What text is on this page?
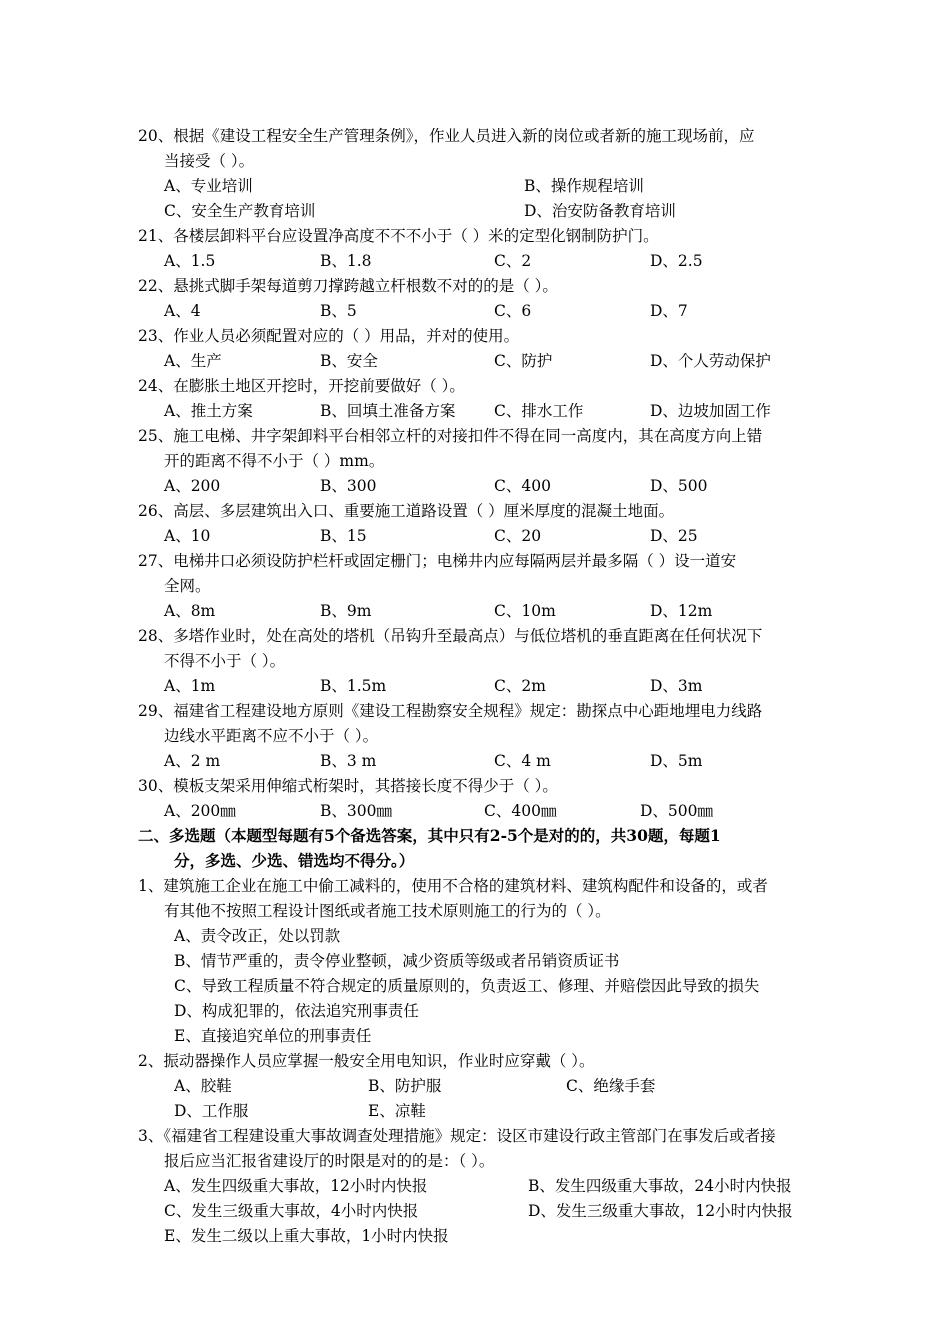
20、根据《建设工程安全生产管理条例》，作业人员进入新的岗位或者新的施工现场前，应
当接受（ ）。
A、专业培训	B、操作规程培训
C、安全生产教育培训	D、治安防备教育培训
21、各楼层卸料平台应设置净高度不不不小于（ ）米的定型化钢制防护门。
A、1.5	B、1.8	C、2	D、2.5
22、悬挑式脚手架每道剪刀撑跨越立杆根数不对的的是（ ）。
A、4	B、5	C、6	D、7
23、作业人员必须配置对应的（ ）用品，并对的使用。
A、生产	B、安全	C、防护	D、个人劳动保护
24、在膨胀土地区开挖时，开挖前要做好（ ）。
A、推土方案	B、回填土准备方案 C、排水工作	D、边坡加固工作
25、施工电梯、井字架卸料平台相邻立杆的对接扣件不得在同一高度内，其在高度方向上错
开的距离不得不小于（ ）mm。
A、200	B、300	C、400	D、500
26、高层、多层建筑出入口、重要施工道路设置（ ）厘米厚度的混凝土地面。
A、10	B、15	C、20	D、25
27、电梯井口必须设防护栏杆或固定栅门；电梯井内应每隔两层并最多隔（ ）设一道安
全网。
A、8m	B、9m	C、10m	D、12m
28、多塔作业时，处在高处的塔机（吊钩升至最高点）与低位塔机的垂直距离在任何状况下
不得不小于（ ）。
A、1m	B、1.5m	C、2m	D、3m
29、福建省工程建设地方原则《建设工程勘察安全规程》规定：勘探点中心距地埋电力线路
边线水平距离不应不小于（ ）。
A、2 m	B、3 m	C、4 m	D、5m
30、模板支架采用伸缩式桁架时，其搭接长度不得少于（ ）。
A、200㎜	B、300㎜	C、400㎜	D、500㎜
二、多选题（本题型每题有5个备选答案，其中只有2-5个是对的的，共30题，每题1
分，多选、少选、错选均不得分。）
1、建筑施工企业在施工中偷工减料的，使用不合格的建筑材料、建筑构配件和设备的，或者
有其他不按照工程设计图纸或者施工技术原则施工的行为的（ ）。
A、责令改正，处以罚款
B、情节严重的，责令停业整顿，减少资质等级或者吊销资质证书
C、导致工程质量不符合规定的质量原则的，负责返工、修理、并赔偿因此导致的损失
D、构成犯罪的，依法追究刑事责任
E、直接追究单位的刑事责任
2、振动器操作人员应掌握一般安全用电知识，作业时应穿戴（ ）。
A、胶鞋	B、防护服	C、绝缘手套
D、工作服	E、凉鞋
3、《福建省工程建设重大事故调查处理措施》规定：设区市建设行政主管部门在事发后或者接
报后应当汇报省建设厅的时限是对的的是：（ ）。
A、发生四级重大事故，12小时内快报	B、发生四级重大事故，24小时内快报
C、发生三级重大事故，4小时内快报	D、发生三级重大事故，12小时内快报
E、发生二级以上重大事故，1小时内快报
